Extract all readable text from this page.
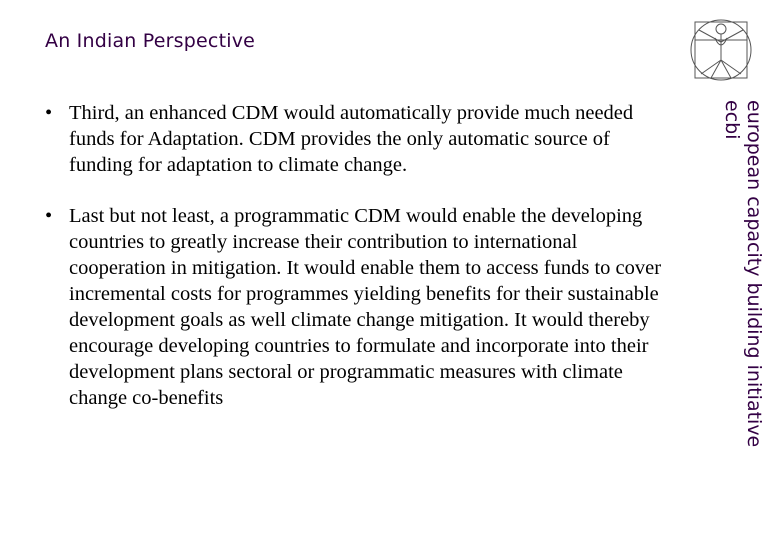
An Indian Perspective
• Third, an enhanced CDM would automatically provide much needed funds for Adaptation. CDM provides the only automatic source of funding for adaptation to climate change.
• Last but not least, a programmatic CDM would enable the developing countries to greatly increase their contribution to international cooperation in mitigation. It would enable them to access funds to cover incremental costs for programmes yielding benefits for their sustainable development goals as well climate change mitigation. It would thereby encourage developing countries to formulate and incorporate into their development plans sectoral or programmatic measures with climate change co-benefits	european capacity building initiative
ecbi
